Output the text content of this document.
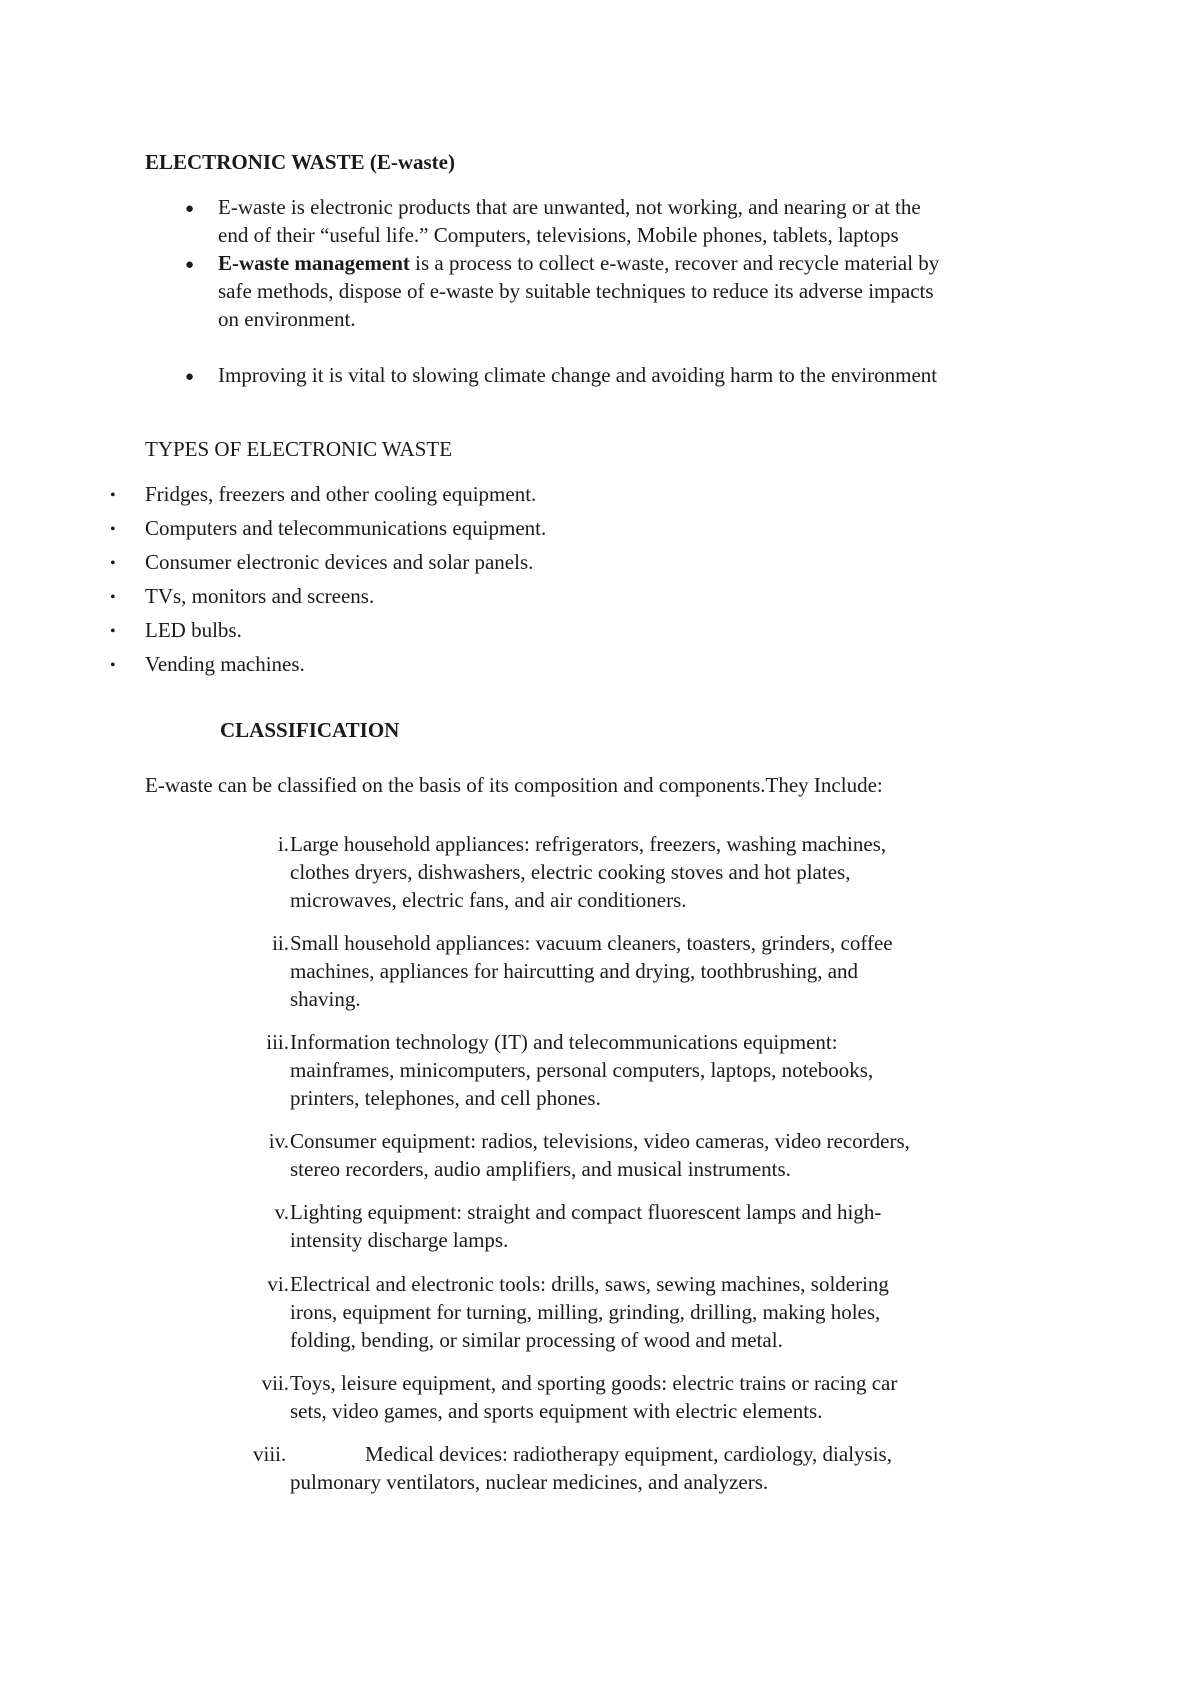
ELECTRONIC WASTE (E-waste)
● E-waste is electronic products that are unwanted, not working, and nearing or at the
end of their “useful life.” Computers, televisions, Mobile phones, tablets, laptops
● E-waste management is a process to collect e-waste, recover and recycle material by
safe methods, dispose of e-waste by suitable techniques to reduce its adverse impacts
on environment.
● Improving it is vital to slowing climate change and avoiding harm to the environment
TYPES OF ELECTRONIC WASTE
• Fridges, freezers and other cooling equipment.
• Computers and telecommunications equipment.
• Consumer electronic devices and solar panels.
• TVs, monitors and screens.
• LED bulbs.
• Vending machines.
CLASSIFICATION
E-waste can be classified on the basis of its composition and components.They Include:
i. Large household appliances: refrigerators, freezers, washing machines,
clothes dryers, dishwashers, electric cooking stoves and hot plates,
microwaves, electric fans, and air conditioners.
ii. Small household appliances: vacuum cleaners, toasters, grinders, coffee
machines, appliances for haircutting and drying, toothbrushing, and
shaving.
iii. Information technology (IT) and telecommunications equipment:
mainframes, minicomputers, personal computers, laptops, notebooks,
printers, telephones, and cell phones.
iv. Consumer equipment: radios, televisions, video cameras, video recorders,
stereo recorders, audio amplifiers, and musical instruments.
v. Lighting equipment: straight and compact fluorescent lamps and high-
intensity discharge lamps.
vi. Electrical and electronic tools: drills, saws, sewing machines, soldering
irons, equipment for turning, milling, grinding, drilling, making holes,
folding, bending, or similar processing of wood and metal.
vii. Toys, leisure equipment, and sporting goods: electric trains or racing car
sets, video games, and sports equipment with electric elements.
viii.	Medical devices: radiotherapy equipment, cardiology, dialysis,
pulmonary ventilators, nuclear medicines, and analyzers.
